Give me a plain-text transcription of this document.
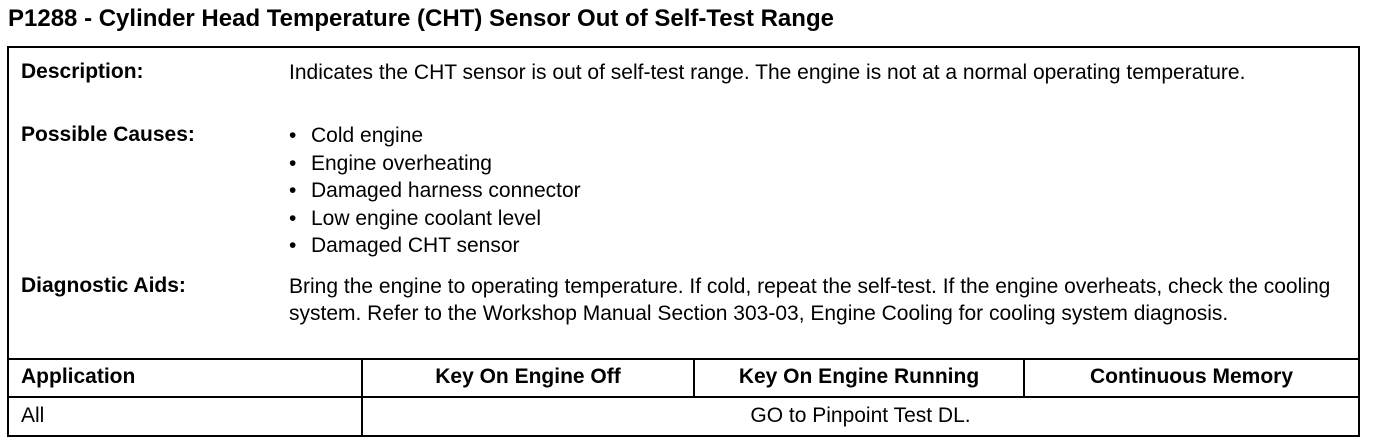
P1288 - Cylinder Head Temperature (CHT) Sensor Out of Self-Test Range
Description:	Indicates the CHT sensor is out of self-test range. The engine is not at a normal operating temperature.
Possible Causes:
•	Cold engine
• Engine overheating
• Damaged harness connector
• Low engine coolant level
• Damaged CHT sensor
Diagnostic Aids:	Bring the engine to operating temperature. If cold, repeat the self-test. If the engine overheats, check the cooling system. Refer to the Workshop Manual Section 303-03, Engine Cooling for cooling system diagnosis.
Application	Key On Engine Off	Key On Engine Running	Continuous Memory
All	GO to Pinpoint Test DL.
